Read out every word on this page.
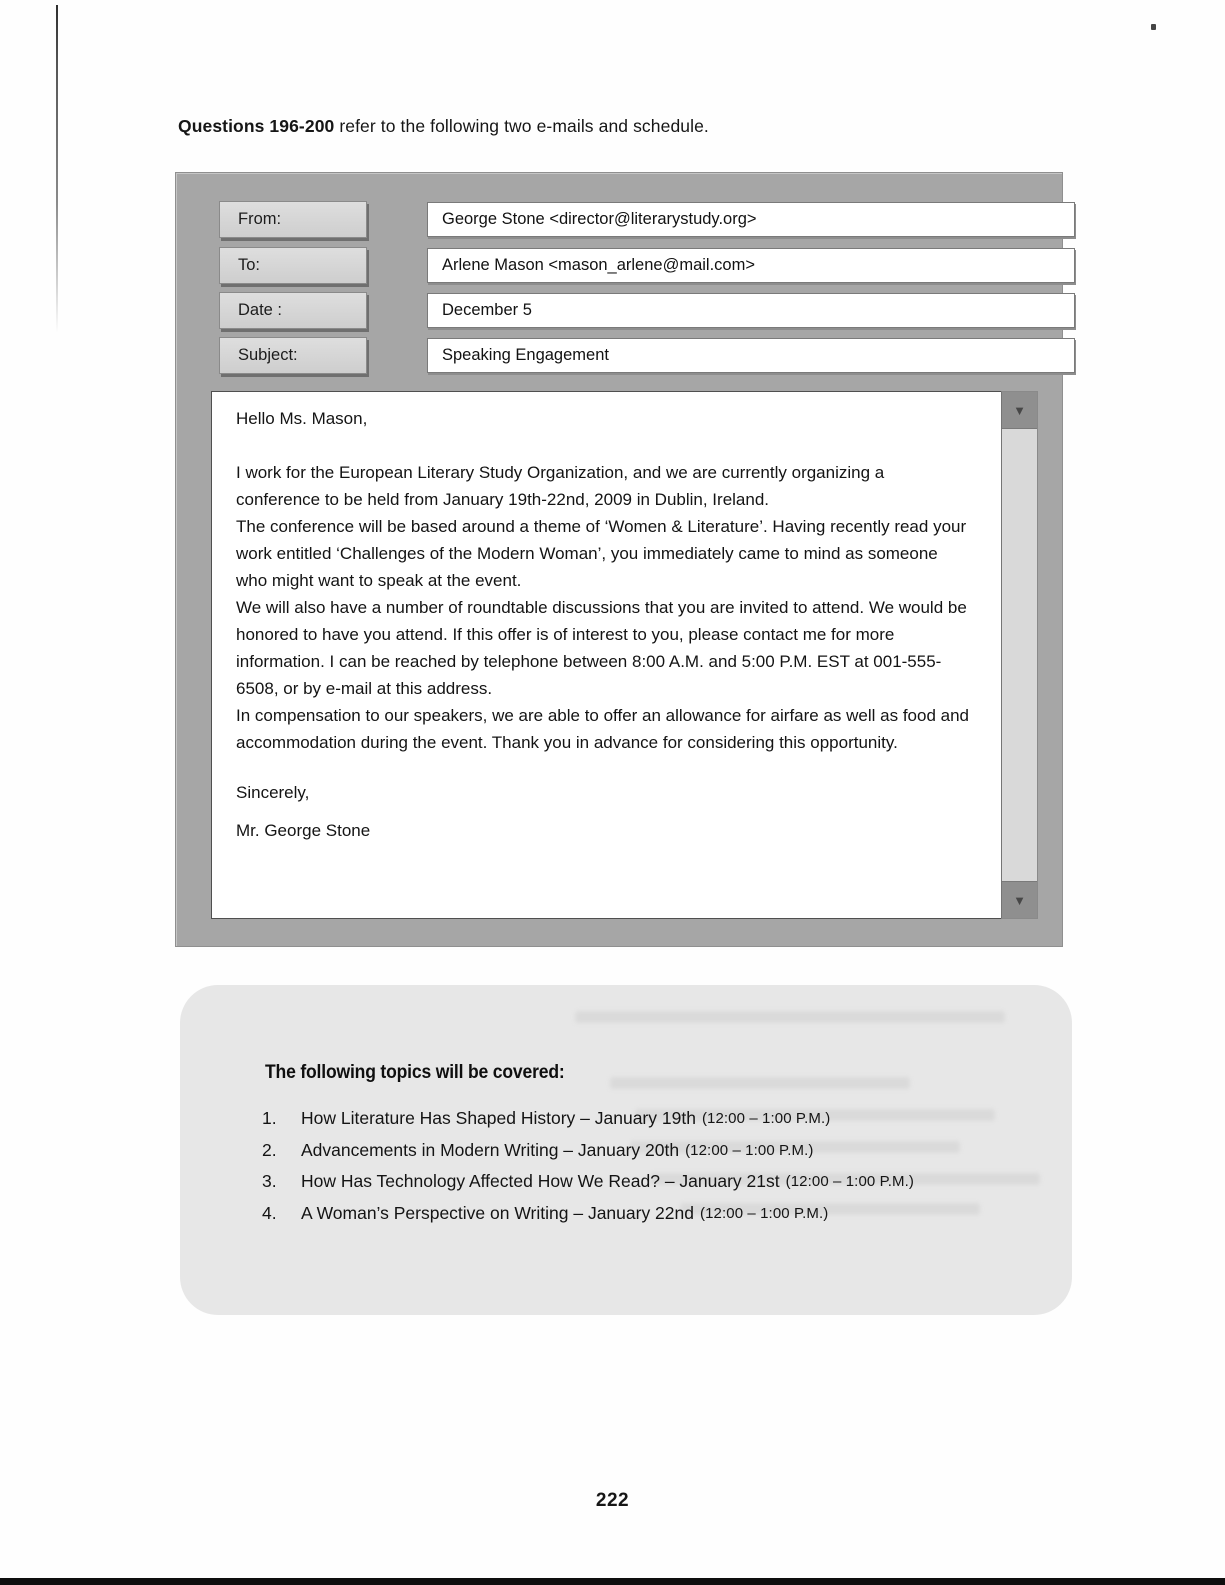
Questions 196-200 refer to the following two e-mails and schedule.
From:	George Stone <director@literarystudy.org>
To:	Arlene Mason <mason_arlene@mail.com>
Date :	December 5
Subject:	Speaking Engagement

Hello Ms. Mason,

I work for the European Literary Study Organization, and we are currently organizing a conference to be held from January 19th-22nd, 2009 in Dublin, Ireland.

The conference will be based around a theme of ‘Women & Literature’. Having recently read your work entitled ‘Challenges of the Modern Woman’, you immediately came to mind as someone who might want to speak at the event.

We will also have a number of roundtable discussions that you are invited to attend. We would be honored to have you attend. If this offer is of interest to you, please contact me for more information. I can be reached by telephone between 8:00 A.M. and 5:00 P.M. EST at 001-555-6508, or by e-mail at this address.

In compensation to our speakers, we are able to offer an allowance for airfare as well as food and accommodation during the event. Thank you in advance for considering this opportunity.

Sincerely,

Mr. George Stone

▼
▼
The following topics will be covered:
1.	How Literature Has Shaped History – January 19th (12:00 – 1:00 P.M.)
2.	Advancements in Modern Writing – January 20th (12:00 – 1:00 P.M.)
3.	How Has Technology Affected How We Read? – January 21st (12:00 – 1:00 P.M.)
4.	A Woman’s Perspective on Writing – January 22nd (12:00 – 1:00 P.M.)
222
